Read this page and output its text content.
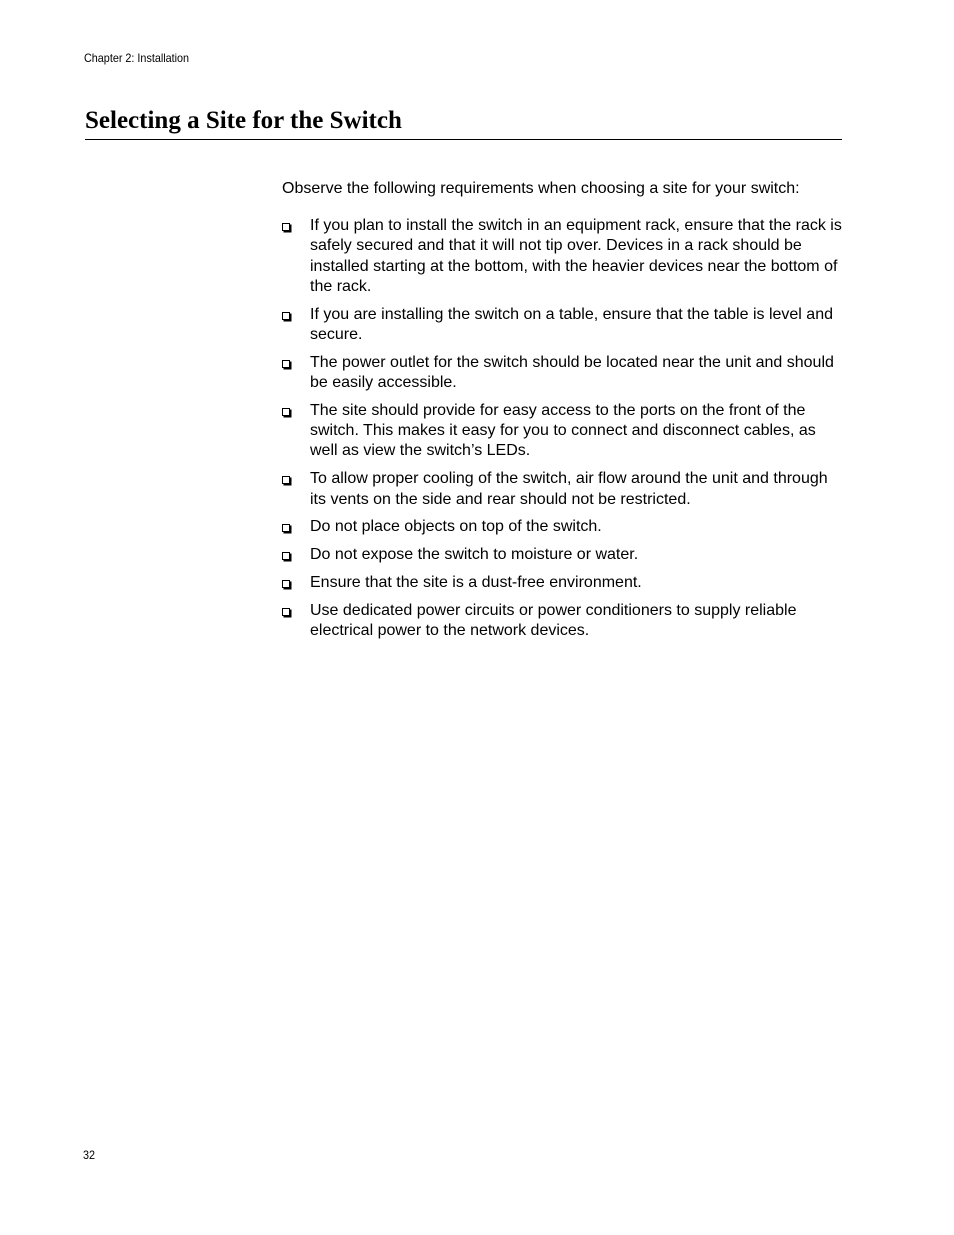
Chapter 2: Installation
Selecting a Site for the Switch

Observe the following requirements when choosing a site for your switch:

If you plan to install the switch in an equipment rack, ensure that the rack is safely secured and that it will not tip over. Devices in a rack should be installed starting at the bottom, with the heavier devices near the bottom of the rack.
If you are installing the switch on a table, ensure that the table is level and secure.
The power outlet for the switch should be located near the unit and should be easily accessible.
The site should provide for easy access to the ports on the front of the switch. This makes it easy for you to connect and disconnect cables, as well as view the switch’s LEDs.
To allow proper cooling of the switch, air flow around the unit and through its vents on the side and rear should not be restricted.
Do not place objects on top of the switch.
Do not expose the switch to moisture or water.
Ensure that the site is a dust-free environment.
Use dedicated power circuits or power conditioners to supply reliable electrical power to the network devices.
32
